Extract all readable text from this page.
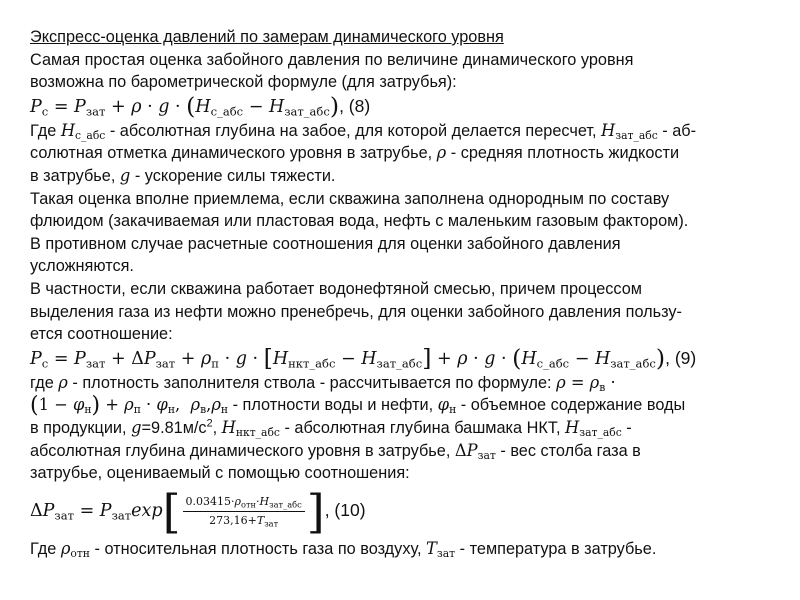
Экспресс-оценка давлений по замерам динамического уровня

Самая простая оценка забойного давления по величине динамического уровня
возможна по барометрической формуле (для затрубья):

$P_с = P_{зат} + \rho \cdot g \cdot (H_{с\_абс} - H_{зат\_абс})$, (8)

Где $H_{с\_абс}$ - абсолютная глубина на забое, для которой делается пересчет, $H_{зат\_абс} - аб-$
солютная отметка динамического уровня в затрубье, ρ - средняя плотность жидкости
в затрубье, g - ускорение силы тяжести.

Такая оценка вполне приемлема, если скважина заполнена однородным по составу
флюидом (закачиваемая или пластовая вода, нефть с маленьким газовым фактором).

В противном случае расчетные соотношения для оценки забойного давления
усложняются.

В частности, если скважина работает водонефтяной смесью, причем процессом
выделения газа из нефти можно пренебречь, для оценки забойного давления пользу-
ется соотношение:

$P_с = P_{зат} + \Delta P_{зат} + \rho_п \cdot g \cdot [H_{нкт\_абс} - H_{зат\_абс}] + \rho \cdot g \cdot (H_{с\_абс} - H_{зат\_абс})$, (9)

где ρ - плотность заполнителя ствола - рассчитывается по формуле: $\rho = \rho_в$ ·
$(1 - \varphi_н) + \rho_п \cdot \varphi_н$,  $\rho_в,\rho_н$ - плотности воды и нефти, $\varphi_н$ - объемное содержание воды
в продукции, $g=9.81м/с^2$, $H_{нкт\_абс}$ - абсолютная глубина башмака НКТ, $H_{зат\_абс}$ -
абсолютная глубина динамического уровня в затрубье, $\Delta P_{зат}$ - вес столба газа в
затрубье, оцениваемый с помощью соотношения:

$\Delta P_{зат} = P_{зат}\exp[ \frac{0.03415\cdot\rho_{отн}\cdot H_{зат\_абс}}{273,16+T_{зат}}$ ], (10)

Где $\rho_{отн}$ - относительная плотность газа по воздуху, $T_{зат}$ - температура в затрубье.
